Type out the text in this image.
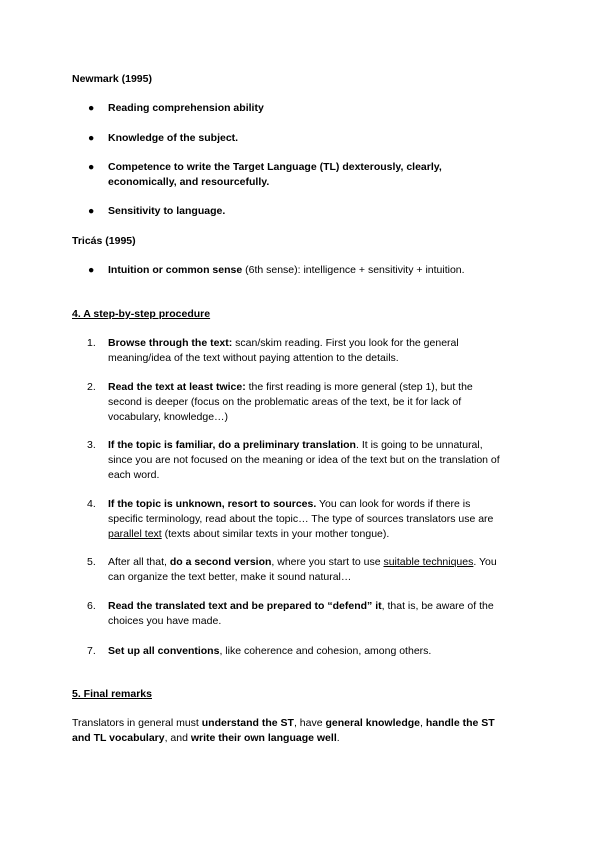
Newmark (1995)
● Reading comprehension ability
● Knowledge of the subject.
● Competence to write the Target Language (TL) dexterously, clearly,
economically, and resourcefully.
● Sensitivity to language.
Tricás (1995)
● Intuition or common sense (6th sense): intelligence + sensitivity + intuition.
4. A step-by-step procedure
1. Browse through the text: scan/skim reading. First you look for the general
meaning/idea of the text without paying attention to the details.
2. Read the text at least twice: the first reading is more general (step 1), but the
second is deeper (focus on the problematic areas of the text, be it for lack of
vocabulary, knowledge…)
3. If the topic is familiar, do a preliminary translation. It is going to be unnatural,
since you are not focused on the meaning or idea of the text but on the translation of
each word.
4. If the topic is unknown, resort to sources. You can look for words if there is
specific terminology, read about the topic… The type of sources translators use are
parallel text (texts about similar texts in your mother tongue).
5. After all that, do a second version, where you start to use suitable techniques. You
can organize the text better, make it sound natural…
6. Read the translated text and be prepared to “defend” it, that is, be aware of the
choices you have made.
7. Set up all conventions, like coherence and cohesion, among others.
5. Final remarks
Translators in general must understand the ST, have general knowledge, handle the ST
and TL vocabulary, and write their own language well.
